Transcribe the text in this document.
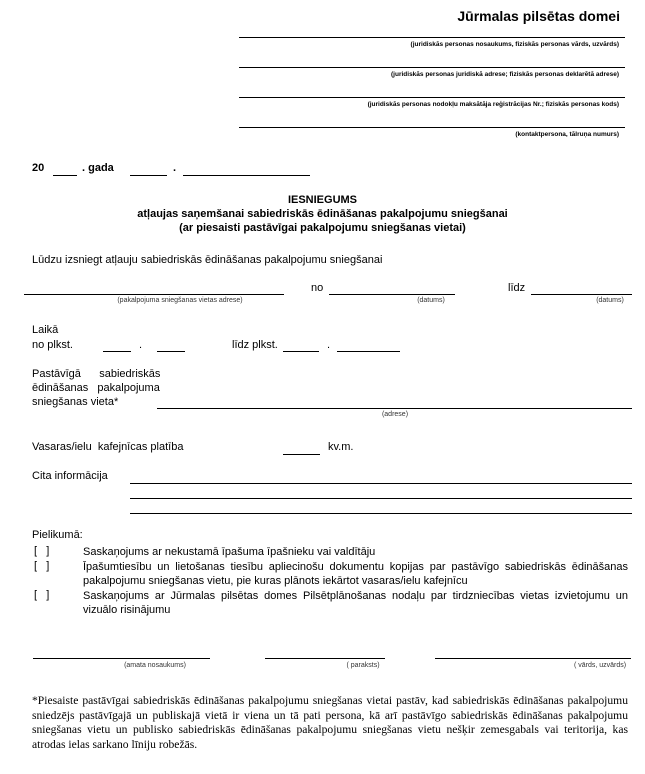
Jūrmalas pilsētas domei
(juridiskās personas nosaukums, fiziskās personas vārds, uzvārds)
(juridiskās personas juridiskā adrese; fiziskās personas deklarētā adrese)
(juridiskās personas nodokļu maksātāja reģistrācijas Nr.; fiziskās personas kods)
(kontaktpersona, tālruņa numurs)
20	. gada	.
IESNIEGUMS
atļaujas saņemšanai sabiedriskās ēdināšanas pakalpojumu sniegšanai
(ar piesaisti pastāvīgai pakalpojumu sniegšanas vietai)
Lūdzu izsniegt atļauju sabiedriskās ēdināšanas pakalpojumu sniegšanai
no	līdz
(pakalpojuma sniegšanas vietas adrese)	(datums)	(datums)
Laikā
no plkst.	.	līdz plkst.	.
Pastāvīgā      sabiedriskās
ēdināšanas   pakalpojuma
sniegšanas vieta*
(adrese)
Vasaras/ielu  kafejnīcas platība	kv.m.
Cita informācija
Pielikumā:
[   ]	Saskaņojums ar nekustamā īpašuma īpašnieku vai valdītāju
[   ]	Īpašumtiesību un lietošanas tiesību apliecinošu dokumentu kopijas par pastāvīgo sabiedriskās ēdināšanas pakalpojumu sniegšanas vietu, pie kuras plānots iekārtot vasaras/ielu kafejnīcu
[   ]	Saskaņojums ar Jūrmalas pilsētas domes Pilsētplānošanas nodaļu par tirdzniecības vietas izvietojumu un vizuālo risinājumu
(amata nosaukums)	( paraksts)	( vārds, uzvārds)
*Piesaiste pastāvīgai sabiedriskās ēdināšanas pakalpojumu sniegšanas vietai pastāv, kad sabiedriskās ēdināšanas pakalpojumu sniedzējs pastāvīgajā un publiskajā vietā ir viena un tā pati persona, kā arī pastāvīgo sabiedriskās ēdināšanas pakalpojumu sniegšanas vietu un publisko sabiedriskās ēdināšanas pakalpojumu sniegšanas vietu nešķir zemesgabals vai teritorija, kas atrodas ielas sarkano līniju robežās.
